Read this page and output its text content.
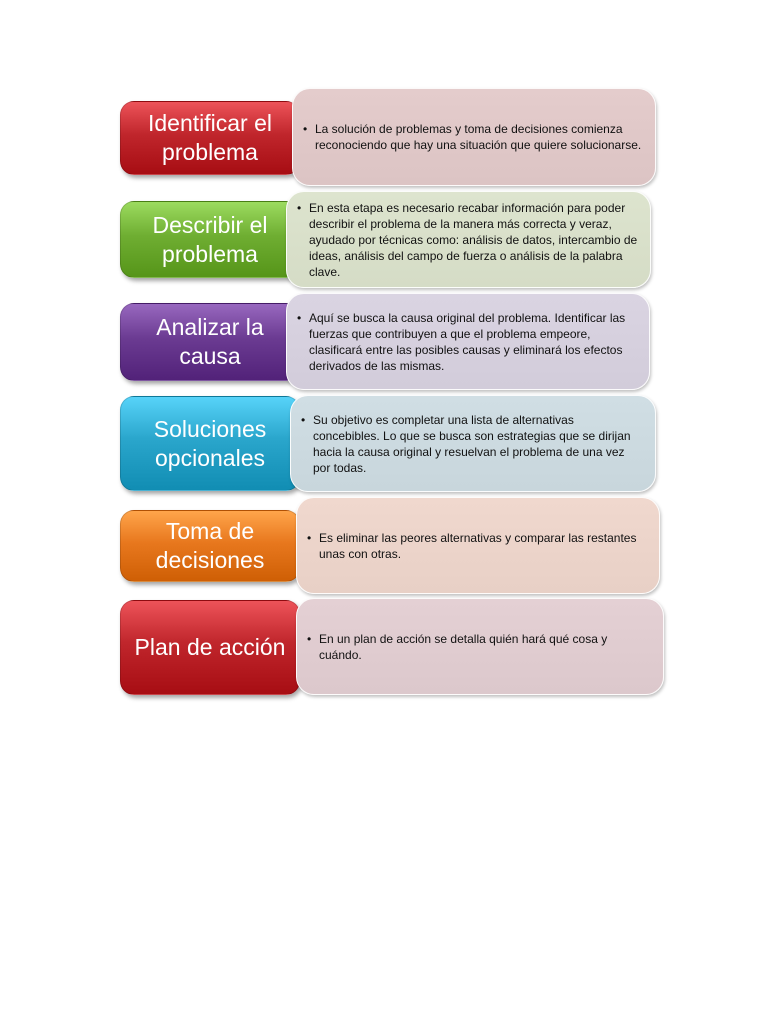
Identificar el problema
• La solución de problemas y toma de decisiones comienza reconociendo que hay una situación que quiere solucionarse.
Describir el problema
• En esta etapa es necesario recabar información para poder describir el problema de la manera más correcta y veraz, ayudado por técnicas como: análisis de datos, intercambio de ideas, análisis del campo de fuerza o análisis de la palabra clave.
Analizar la causa
• Aquí se busca la causa original del problema. Identificar las fuerzas que contribuyen a que el problema empeore, clasificará entre las posibles causas y eliminará los efectos derivados de las mismas.
Soluciones opcionales
• Su objetivo es completar una lista de alternativas concebibles. Lo que se busca son estrategias que se dirijan hacia la causa original y resuelvan el problema de una vez por todas.
Toma de decisiones
• Es eliminar las peores alternativas y comparar las restantes unas con otras.
Plan de acción • En un plan de acción se detalla quién hará qué cosa y cuándo.
